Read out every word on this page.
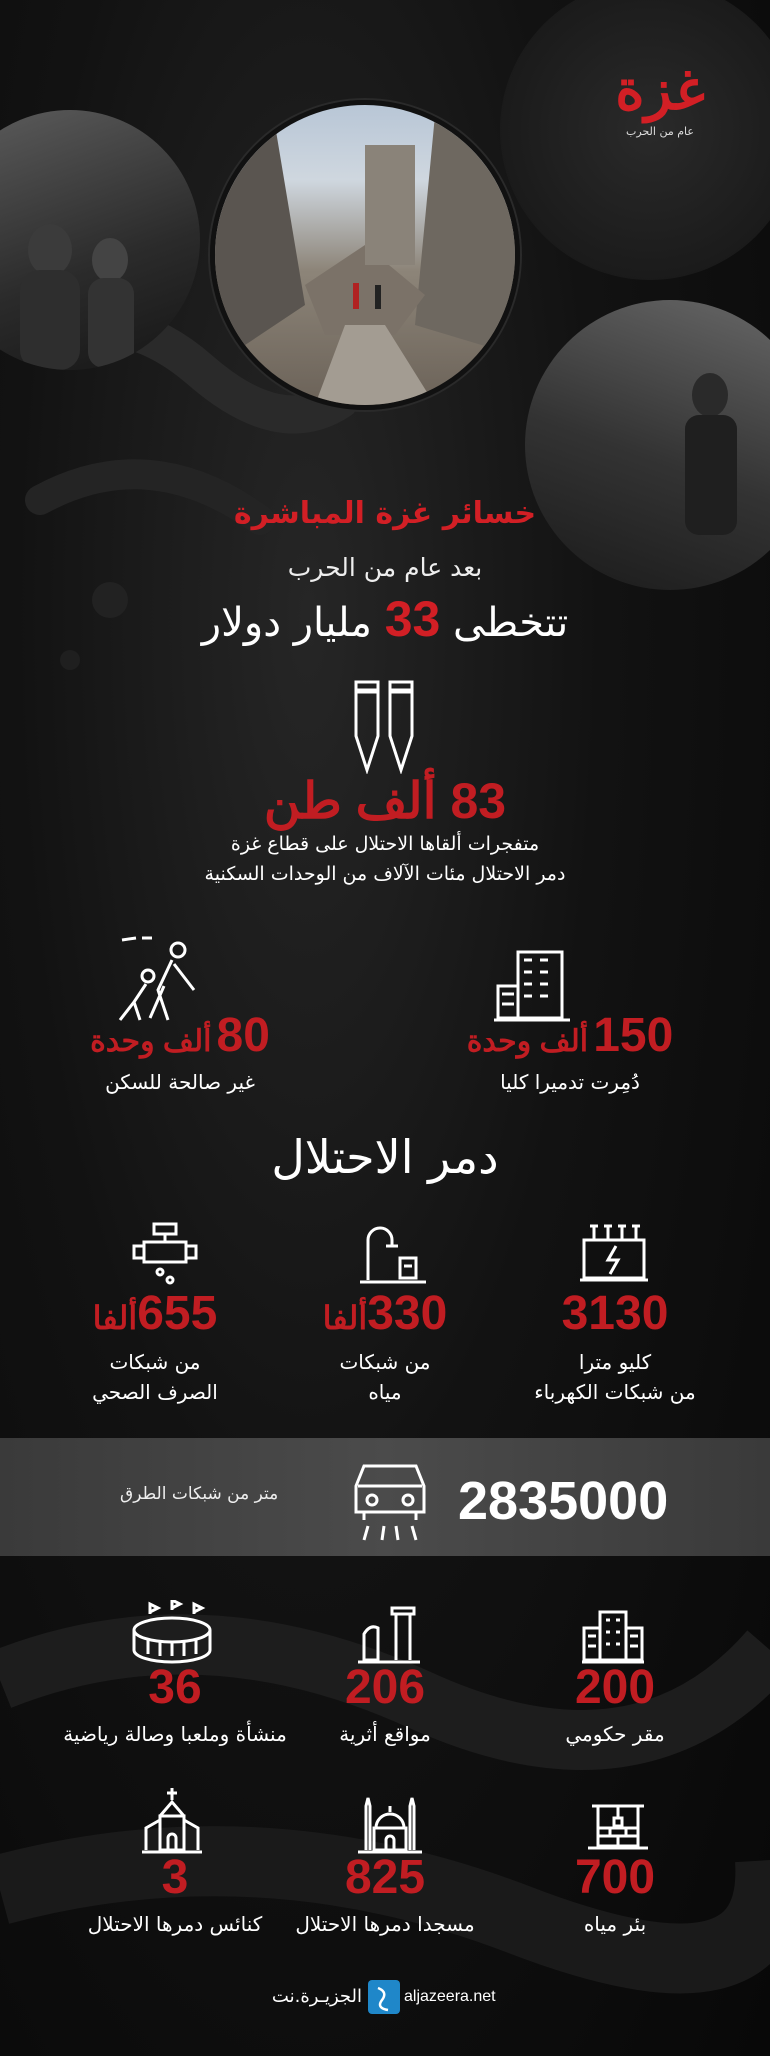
غزة
عام من الحرب
خسائر غزة المباشرة
بعد عام من الحرب
تتخطى 33 مليار دولار
83 ألف طن
متفجرات ألقاها الاحتلال على قطاع غزة
دمر الاحتلال مئات الآلاف من الوحدات السكنية
150 ألف وحدة
دُمِرت تدميرا كليا
80 ألف وحدة
غير صالحة للسكن
دمر الاحتلال
3130
كليو مترا
من شبكات الكهرباء
330ألفا
من شبكات
مياه
655ألفا
من شبكات
الصرف الصحي
2835000
متر من شبكات الطرق
200
مقر حكومي
206
مواقع أثرية
36
منشأة وملعبا وصالة رياضية
700
بئر مياه
825
مسجدا دمرها الاحتلال
3
كنائس دمرها الاحتلال
الجزيـرة.نت	aljazeera.net
